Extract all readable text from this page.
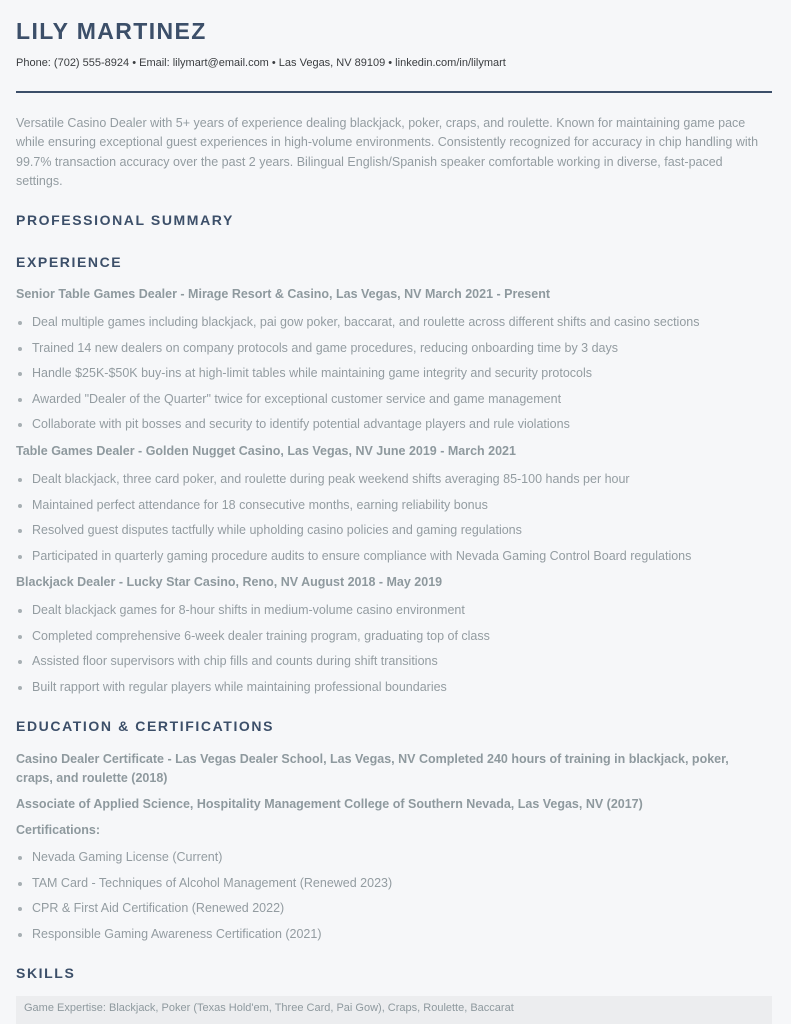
LILY MARTINEZ
Phone: (702) 555-8924 • Email: lilymart@email.com • Las Vegas, NV 89109 • linkedin.com/in/lilymart
Versatile Casino Dealer with 5+ years of experience dealing blackjack, poker, craps, and roulette. Known for maintaining game pace while ensuring exceptional guest experiences in high-volume environments. Consistently recognized for accuracy in chip handling with 99.7% transaction accuracy over the past 2 years. Bilingual English/Spanish speaker comfortable working in diverse, fast-paced settings.
PROFESSIONAL SUMMARY
EXPERIENCE
Senior Table Games Dealer - Mirage Resort & Casino, Las Vegas, NV March 2021 - Present
Deal multiple games including blackjack, pai gow poker, baccarat, and roulette across different shifts and casino sections
Trained 14 new dealers on company protocols and game procedures, reducing onboarding time by 3 days
Handle $25K-$50K buy-ins at high-limit tables while maintaining game integrity and security protocols
Awarded "Dealer of the Quarter" twice for exceptional customer service and game management
Collaborate with pit bosses and security to identify potential advantage players and rule violations
Table Games Dealer - Golden Nugget Casino, Las Vegas, NV June 2019 - March 2021
Dealt blackjack, three card poker, and roulette during peak weekend shifts averaging 85-100 hands per hour
Maintained perfect attendance for 18 consecutive months, earning reliability bonus
Resolved guest disputes tactfully while upholding casino policies and gaming regulations
Participated in quarterly gaming procedure audits to ensure compliance with Nevada Gaming Control Board regulations
Blackjack Dealer - Lucky Star Casino, Reno, NV August 2018 - May 2019
Dealt blackjack games for 8-hour shifts in medium-volume casino environment
Completed comprehensive 6-week dealer training program, graduating top of class
Assisted floor supervisors with chip fills and counts during shift transitions
Built rapport with regular players while maintaining professional boundaries
EDUCATION & CERTIFICATIONS
Casino Dealer Certificate - Las Vegas Dealer School, Las Vegas, NV Completed 240 hours of training in blackjack, poker, craps, and roulette (2018)
Associate of Applied Science, Hospitality Management College of Southern Nevada, Las Vegas, NV (2017)
Certifications:
Nevada Gaming License (Current)
TAM Card - Techniques of Alcohol Management (Renewed 2023)
CPR & First Aid Certification (Renewed 2022)
Responsible Gaming Awareness Certification (2021)
SKILLS
Game Expertise: Blackjack, Poker (Texas Hold'em, Three Card, Pai Gow), Craps, Roulette, Baccarat
